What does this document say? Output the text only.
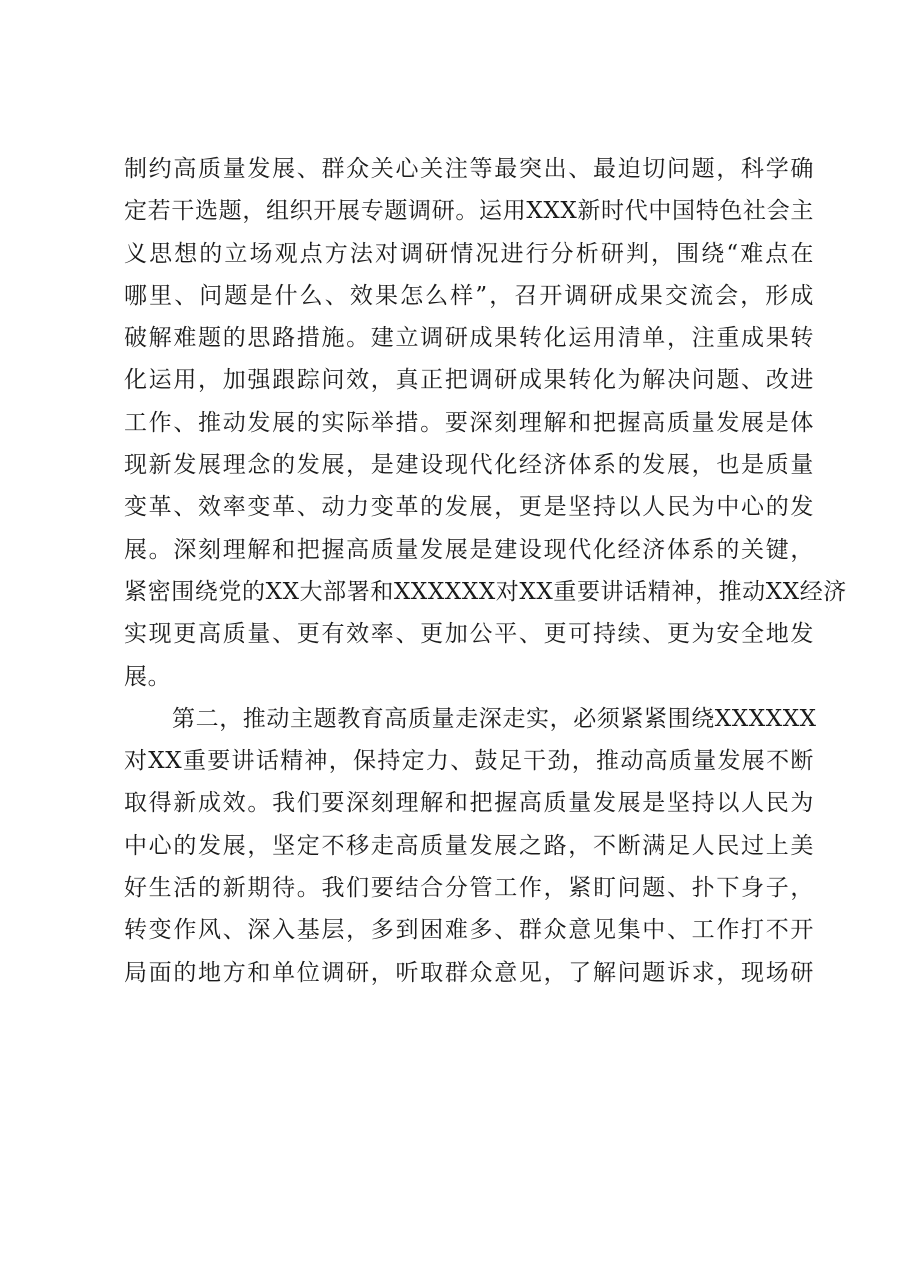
制约高质量发展、群众关心关注等最突出、最迫切问题，科学确
定若干选题，组织开展专题调研。运用XXX新时代中国特色社会主
义思想的立场观点方法对调研情况进行分析研判，围绕“难点在
哪里、问题是什么、效果怎么样”，召开调研成果交流会，形成
破解难题的思路措施。建立调研成果转化运用清单，注重成果转
化运用，加强跟踪问效，真正把调研成果转化为解决问题、改进
工作、推动发展的实际举措。要深刻理解和把握高质量发展是体
现新发展理念的发展，是建设现代化经济体系的发展，也是质量
变革、效率变革、动力变革的发展，更是坚持以人民为中心的发
展。深刻理解和把握高质量发展是建设现代化经济体系的关键，
紧密围绕党的XX大部署和XXXXXX对XX重要讲话精神，推动XX经济
实现更高质量、更有效率、更加公平、更可持续、更为安全地发
展。
第二，推动主题教育高质量走深走实，必须紧紧围绕XXXXXX
对XX重要讲话精神，保持定力、鼓足干劲，推动高质量发展不断
取得新成效。我们要深刻理解和把握高质量发展是坚持以人民为
中心的发展，坚定不移走高质量发展之路，不断满足人民过上美
好生活的新期待。我们要结合分管工作，紧盯问题、扑下身子，
转变作风、深入基层，多到困难多、群众意见集中、工作打不开
局面的地方和单位调研，听取群众意见，了解问题诉求，现场研
